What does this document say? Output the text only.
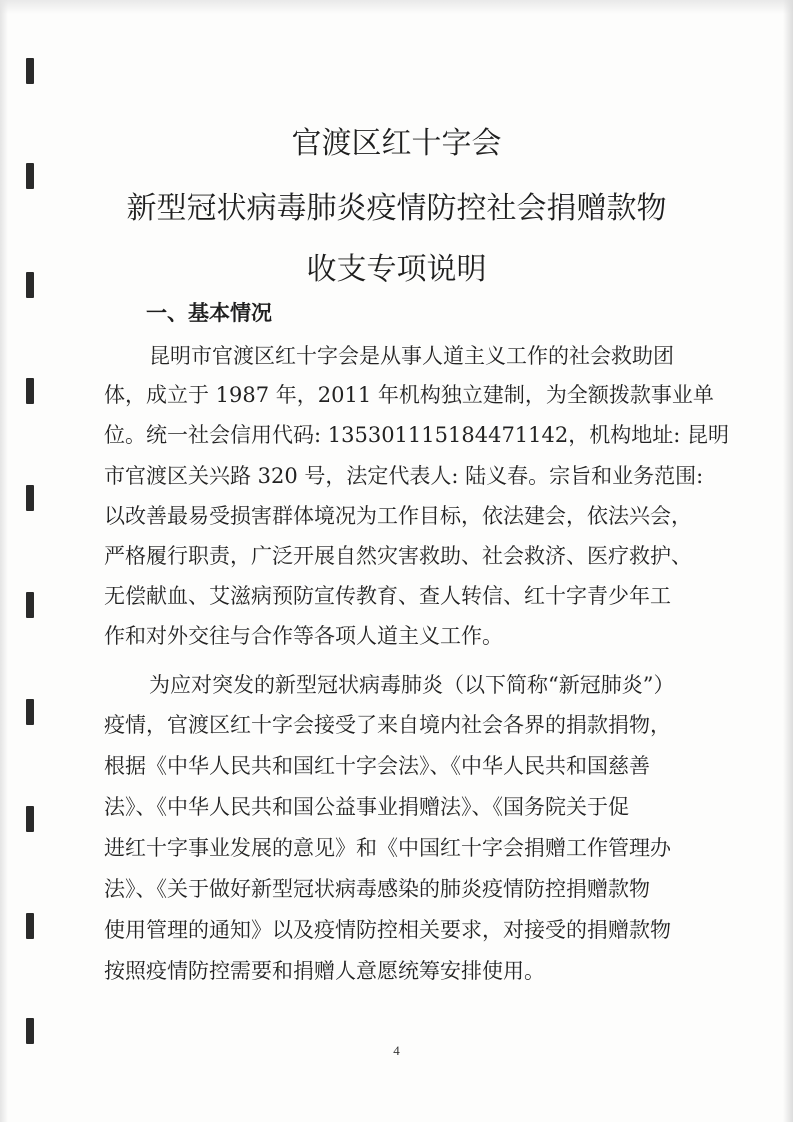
官渡区红十字会
新型冠状病毒肺炎疫情防控社会捐赠款物
收支专项说明
一、基本情况
昆明市官渡区红十字会是从事人道主义工作的社会救助团
体，成立于 1987 年，2011 年机构独立建制，为全额拨款事业单
位。统一社会信用代码: 135301115184471142，机构地址: 昆明
市官渡区关兴路 320 号，法定代表人: 陆义春。宗旨和业务范围:
以改善最易受损害群体境况为工作目标，依法建会，依法兴会，
严格履行职责，广泛开展自然灾害救助、社会救济、医疗救护、
无偿献血、艾滋病预防宣传教育、查人转信、红十字青少年工
作和对外交往与合作等各项人道主义工作。
为应对突发的新型冠状病毒肺炎（以下简称“新冠肺炎”）
疫情，官渡区红十字会接受了来自境内社会各界的捐款捐物，
根据《中华人民共和国红十字会法》、《中华人民共和国慈善
法》、《中华人民共和国公益事业捐赠法》、《国务院关于促
进红十字事业发展的意见》和《中国红十字会捐赠工作管理办
法》、《关于做好新型冠状病毒感染的肺炎疫情防控捐赠款物
使用管理的通知》以及疫情防控相关要求，对接受的捐赠款物
按照疫情防控需要和捐赠人意愿统筹安排使用。
4
